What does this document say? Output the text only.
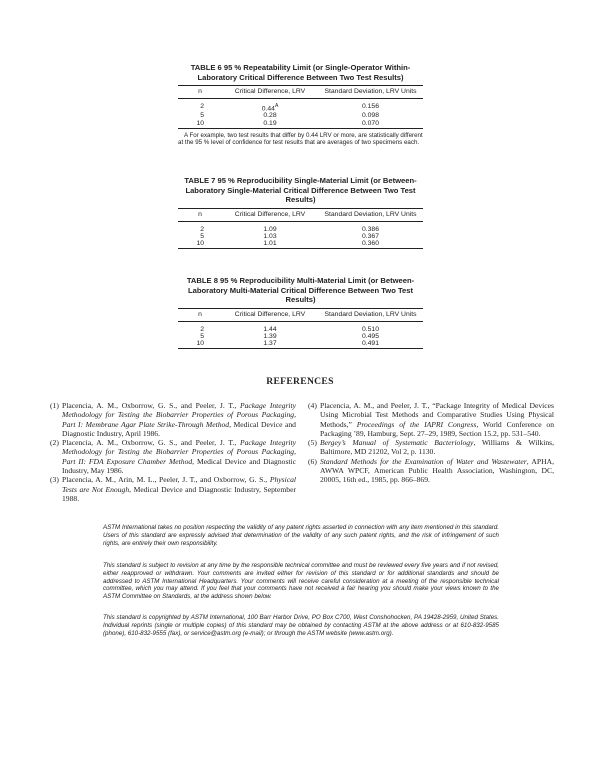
TABLE 6 95 % Repeatability Limit (or Single-Operator Within-Laboratory Critical Difference Between Two Test Results)
n	Critical Difference, LRV	Standard Deviation, LRV Units
2	$0.44^A$	0.156
5	0.28	0.098
10	0.19	0.070
A For example, two test results that differ by 0.44 LRV or more, are statistically different at the 95 % level of confidence for test results that are averages of two specimens each.
TABLE 7 95 % Reproducibility Single-Material Limit (or Between-Laboratory Single-Material Critical Difference Between Two Test Results)
n	Critical Difference, LRV	Standard Deviation, LRV Units
2	1.09	0.386
5	1.03	0.367
10	1.01	0.360
TABLE 8 95 % Reproducibility Multi-Material Limit (or Between-Laboratory Multi-Material Critical Difference Between Two Test Results)
n	Critical Difference, LRV	Standard Deviation, LRV Units
2	1.44	0.510
5	1.39	0.495
10	1.37	0.491
REFERENCES
(1) Placencia, A. M., Oxborrow, G. S., and Peeler, J. T., Package Integrity Methodology for Testing the Biobarrier Properties of Porous Packaging, Part I: Membrane Agar Plate Strike-Through Method, Medical Device and Diagnostic Industry, April 1986.
(2) Placencia, A. M., Oxborrow, G. S., and Peeler, J. T., Package Integrity Methodology for Testing the Biobarrier Properties of Porous Packaging, Part II: FDA Exposure Chamber Method, Medical Device and Diagnostic Industry, May 1986.
(3) Placencia, A. M., Arin, M. L., Peeler, J. T., and Oxborrow, G. S., Physical Tests are Not Enough, Medical Device and Diagnostic Industry, September 1988.
(4) Placencia, A. M., and Peeler, J. T., “Package Integrity of Medical Devices Using Microbial Test Methods and Comparative Studies Using Physical Methods,” Proceedings of the IAPRI Congress, World Conference on Packaging ’89, Hamburg, Sept. 27–29, 1989, Section 15.2, pp. 531–540.
(5) Bergey’s Manual of Systematic Bacteriology, Williams & Wilkins, Baltimore, MD 21202, Vol 2, p. 1130.
(6) Standard Methods for the Examination of Water and Wastewater, APHA, AWWA WPCF, American Public Health Association, Washington, DC, 20005, 16th ed., 1985, pp. 866–869.
ASTM International takes no position respecting the validity of any patent rights asserted in connection with any item mentioned in this standard. Users of this standard are expressly advised that determination of the validity of any such patent rights, and the risk of infringement of such rights, are entirely their own responsibility.
This standard is subject to revision at any time by the responsible technical committee and must be reviewed every five years and if not revised, either reapproved or withdrawn. Your comments are invited either for revision of this standard or for additional standards and should be addressed to ASTM International Headquarters. Your comments will receive careful consideration at a meeting of the responsible technical committee, which you may attend. If you feel that your comments have not received a fair hearing you should make your views known to the ASTM Committee on Standards, at the address shown below.
This standard is copyrighted by ASTM International, 100 Barr Harbor Drive, PO Box C700, West Conshohocken, PA 19428-2959, United States. Individual reprints (single or multiple copies) of this standard may be obtained by contacting ASTM at the above address or at 610-832-9585 (phone), 610-832-9555 (fax), or service@astm.org (e-mail); or through the ASTM website (www.astm.org).
